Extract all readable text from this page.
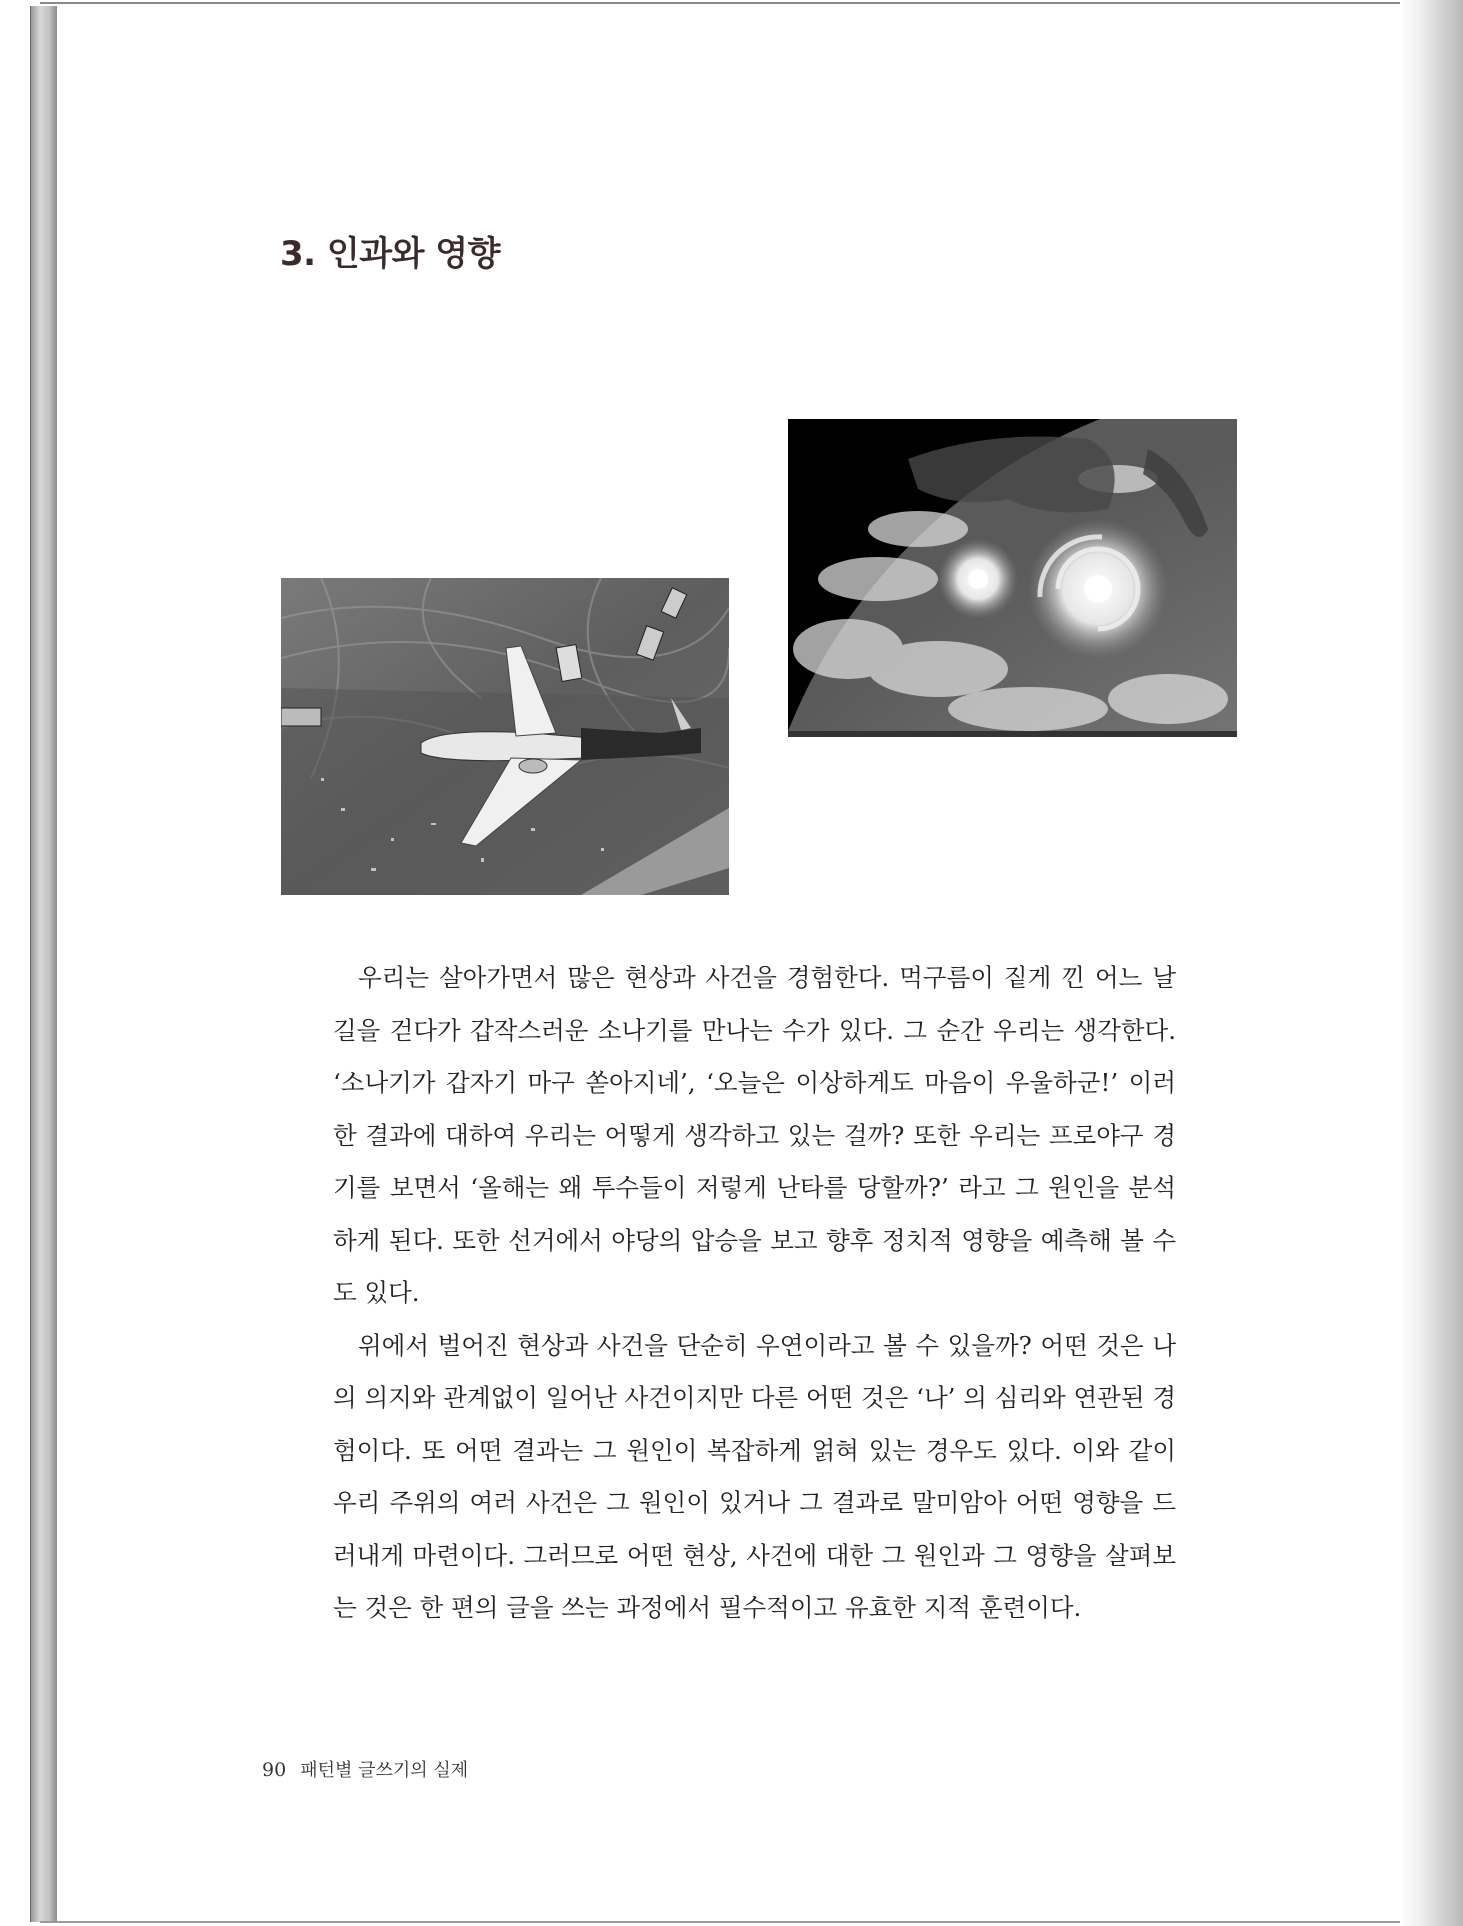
3. 인과와 영향

우리는 살아가면서 많은 현상과 사건을 경험한다. 먹구름이 짙게 낀 어느 날 길을 걷다가 갑작스러운 소나기를 만나는 수가 있다. 그 순간 우리는 생각한다. ‘소나기가 갑자기 마구 쏟아지네’, ‘오늘은 이상하게도 마음이 우울하군!’ 이러한 결과에 대하여 우리는 어떻게 생각하고 있는 걸까? 또한 우리는 프로야구 경기를 보면서 ‘올해는 왜 투수들이 저렇게 난타를 당할까?’ 라고 그 원인을 분석하게 된다. 또한 선거에서 야당의 압승을 보고 향후 정치적 영향을 예측해 볼 수도 있다.

위에서 벌어진 현상과 사건을 단순히 우연이라고 볼 수 있을까? 어떤 것은 나의 의지와 관계없이 일어난 사건이지만 다른 어떤 것은 ‘나’ 의 심리와 연관된 경험이다. 또 어떤 결과는 그 원인이 복잡하게 얽혀 있는 경우도 있다. 이와 같이 우리 주위의 여러 사건은 그 원인이 있거나 그 결과로 말미암아 어떤 영향을 드러내게 마련이다. 그러므로 어떤 현상, 사건에 대한 그 원인과 그 영향을 살펴보는 것은 한 편의 글을 쓰는 과정에서 필수적이고 유효한 지적 훈련이다.

90 패턴별 글쓰기의 실제
